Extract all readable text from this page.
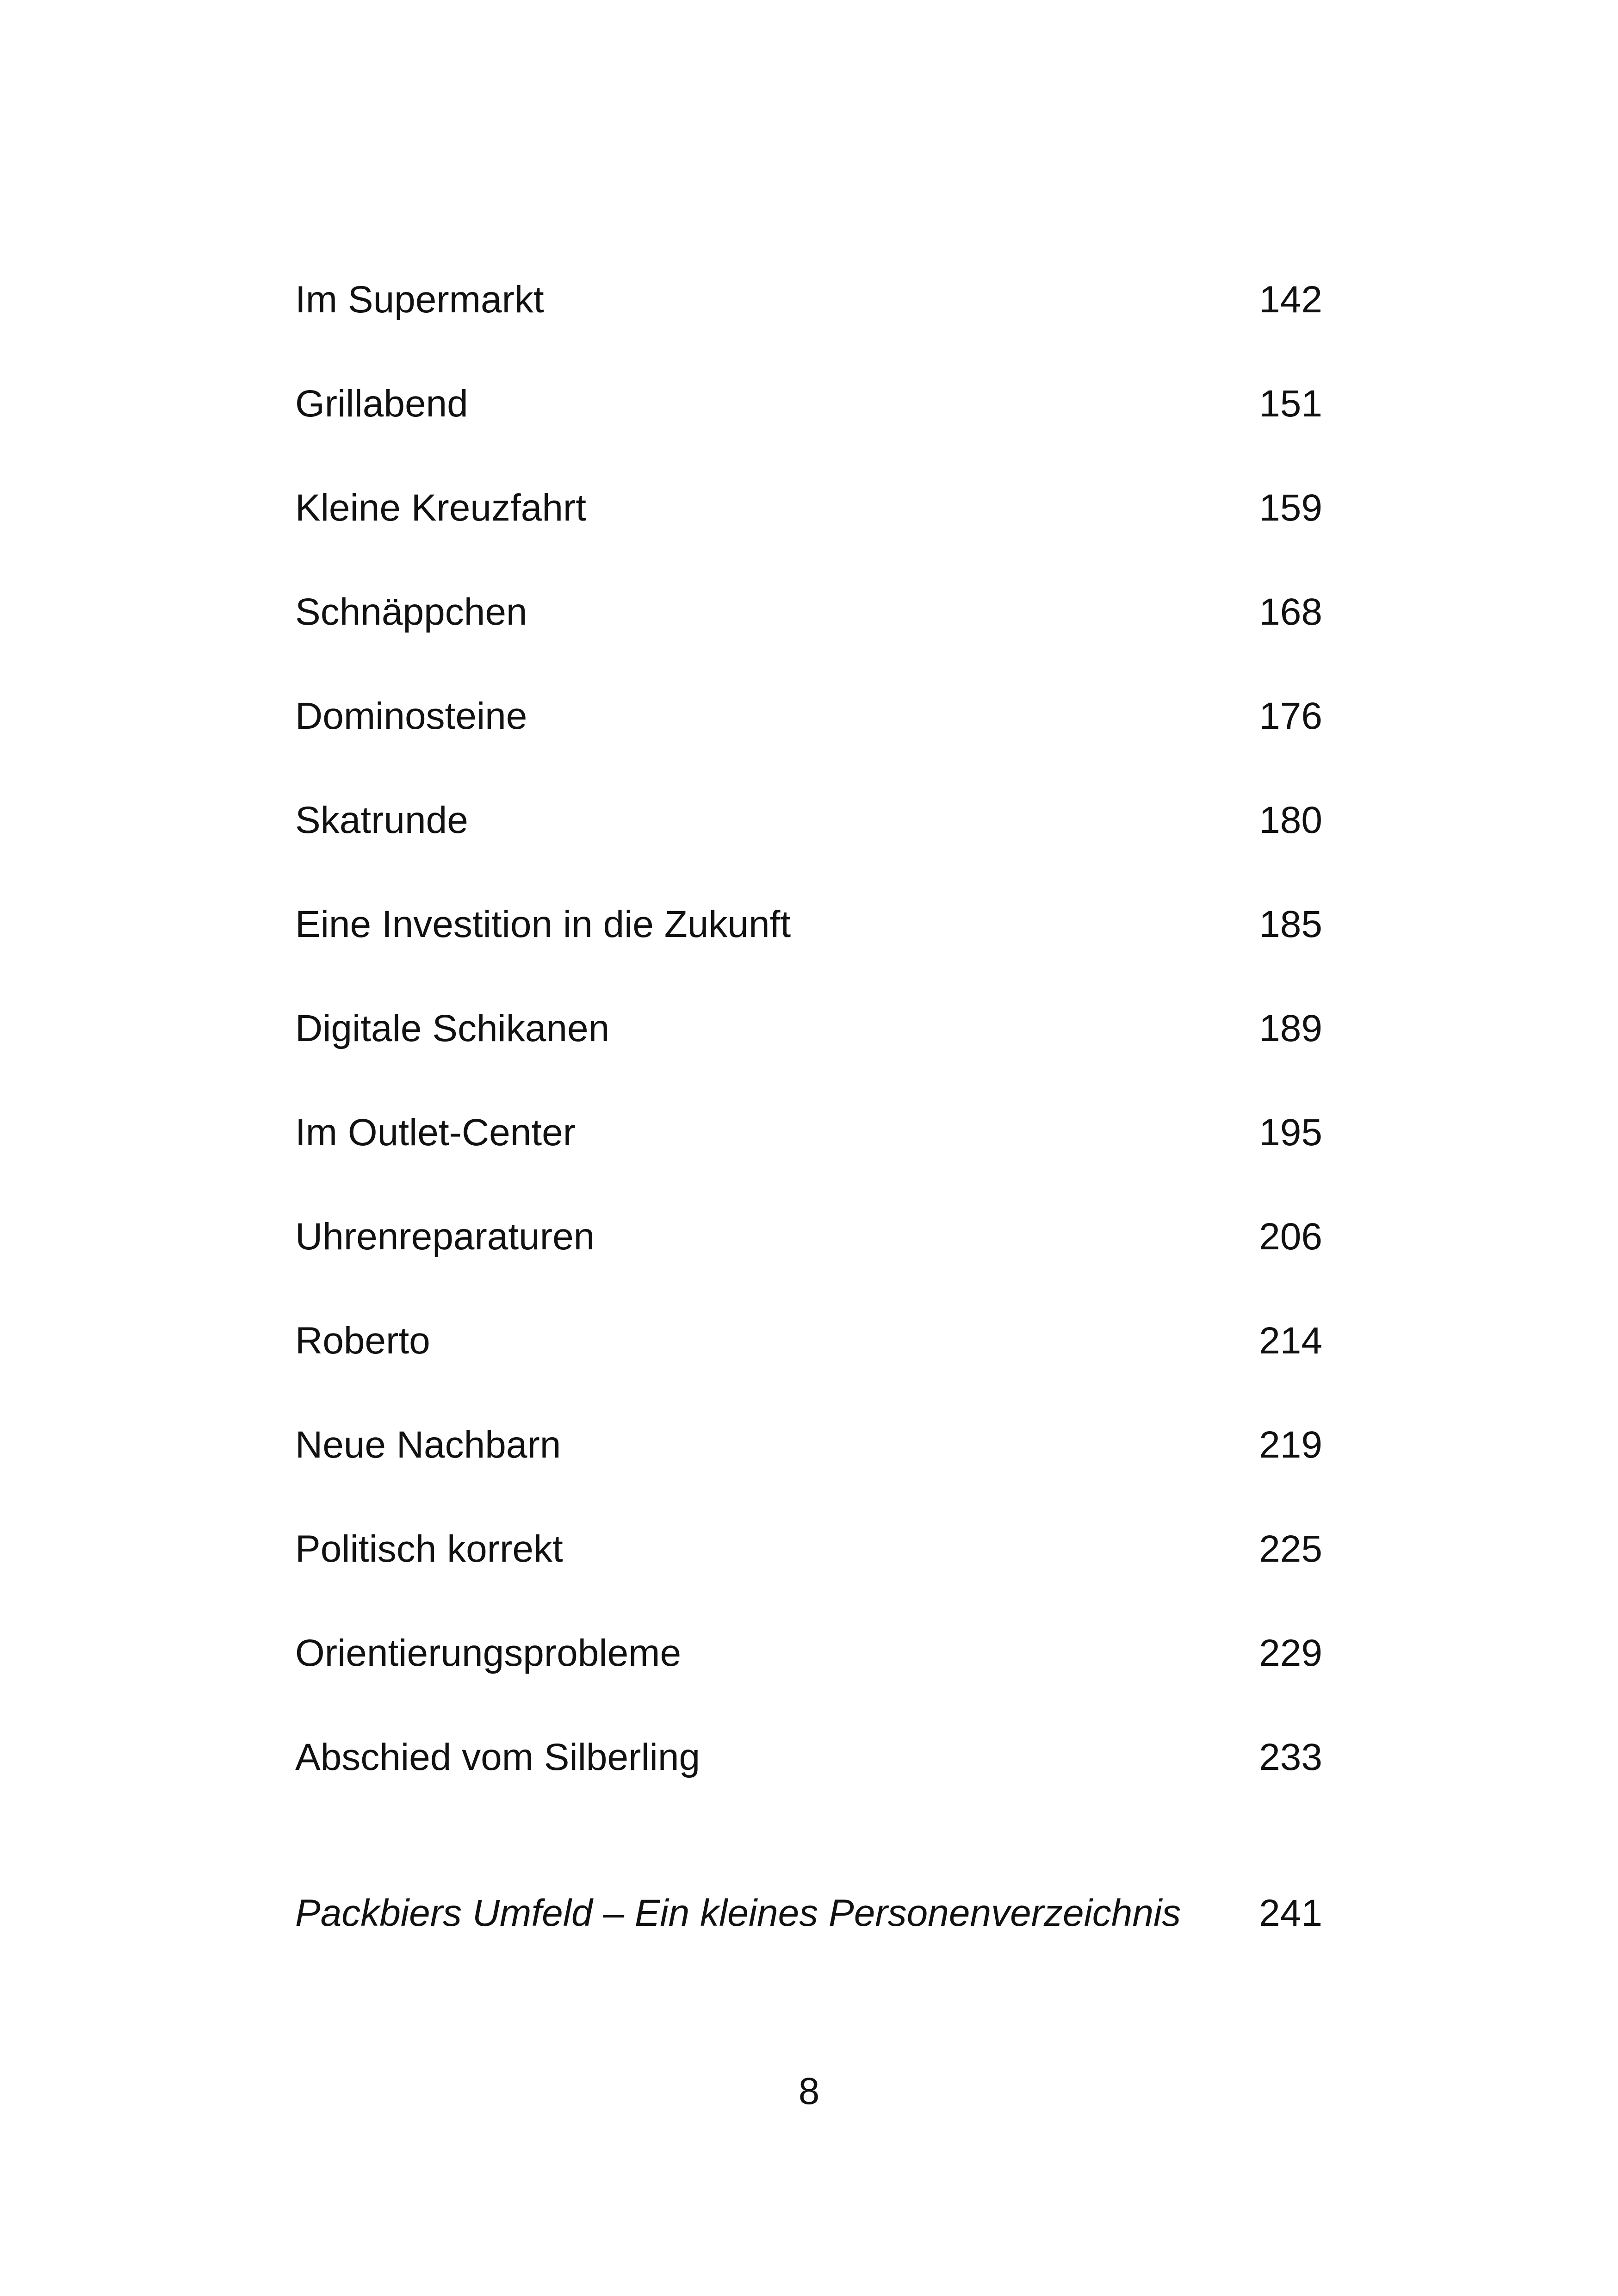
Im Supermarkt	142
Grillabend	151
Kleine Kreuzfahrt	159
Schnäppchen	168
Dominosteine	176
Skatrunde	180
Eine Investition in die Zukunft	185
Digitale Schikanen	189
Im Outlet-Center	195
Uhrenreparaturen	206
Roberto	214
Neue Nachbarn	219
Politisch korrekt	225
Orientierungsprobleme	229
Abschied vom Silberling	233
Packbiers Umfeld – Ein kleines Personenverzeichnis 241
8
